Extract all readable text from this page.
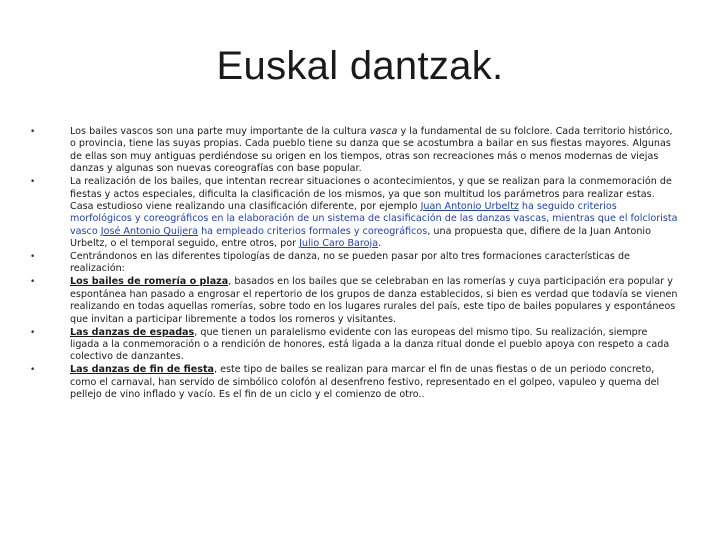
Euskal dantzak.
•	Los bailes vascos son una parte muy importante de la cultura vasca y la fundamental de su folclore. Cada territorio histórico, o provincia, tiene las suyas propias. Cada pueblo tiene su danza que se acostumbra a bailar en sus fiestas mayores. Algunas de ellas son muy antiguas perdiéndose su origen en los tiempos, otras son recreaciones más o menos modernas de viejas danzas y algunas son nuevas coreografías con base popular.
•	La realización de los bailes, que intentan recrear situaciones o acontecimientos, y que se realizan para la conmemoración de fiestas y actos especiales, dificulta la clasificación de los mismos, ya que son multitud los parámetros para realizar estas. Casa estudioso viene realizando una clasificación diferente, por ejemplo Juan Antonio Urbeltz ha seguido criterios morfológicos y coreográficos en la elaboración de un sistema de clasificación de las danzas vascas, mientras que el folclorista vasco José Antonio Quijera ha empleado criterios formales y coreográficos, una propuesta que, difiere de la Juan Antonio Urbeltz, o el temporal seguido, entre otros, por Julio Caro Baroja.
•	Centrándonos en las diferentes tipologías de danza, no se pueden pasar por alto tres formaciones características de realización:
•	Los bailes de romería o plaza, basados en los bailes que se celebraban en las romerías y cuya participación era popular y espontánea han pasado a engrosar el repertorio de los grupos de danza establecidos, si bien es verdad que todavía se vienen realizando en todas aquellas romerías, sobre todo en los lugares rurales del país, este tipo de bailes populares y espontáneos que invitan a participar libremente a todos los romeros y visitantes.
•	Las danzas de espadas, que tienen un paralelismo evidente con las europeas del mismo tipo. Su realización, siempre ligada a la conmemoración o a rendición de honores, está ligada a la danza ritual donde el pueblo apoya con respeto a cada colectivo de danzantes.
•	Las danzas de fin de fiesta, este tipo de bailes se realizan para marcar el fin de unas fiestas o de un periodo concreto, como el carnaval, han servido de simbólico colofón al desenfreno festivo, representado en el golpeo, vapuleo y quema del pellejo de vino inflado y vacío. Es el fin de un ciclo y el comienzo de otro..
